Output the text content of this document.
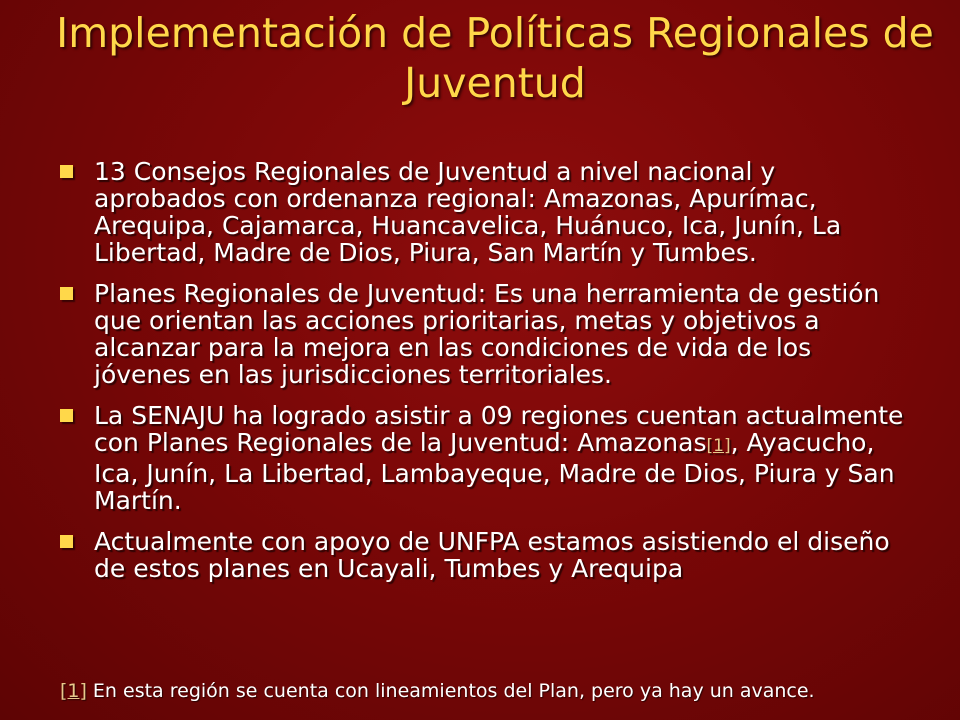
Implementación de Políticas Regionales de Juventud
13 Consejos Regionales de Juventud a nivel nacional y aprobados con ordenanza regional: Amazonas, Apurímac, Arequipa, Cajamarca, Huancavelica, Huánuco, Ica, Junín, La Libertad, Madre de Dios, Piura, San Martín y Tumbes.
Planes Regionales de Juventud: Es una herramienta de gestión que orientan las acciones prioritarias, metas y objetivos a alcanzar para la mejora en las condiciones de vida de los jóvenes en las jurisdicciones territoriales.
La SENAJU ha logrado asistir a 09 regiones cuentan actualmente con Planes Regionales de la Juventud: Amazonas[1], Ayacucho, Ica, Junín, La Libertad, Lambayeque, Madre de Dios, Piura y San Martín.
Actualmente con apoyo de UNFPA estamos asistiendo el diseño de estos planes en Ucayali, Tumbes y Arequipa
[1] En esta región se cuenta con lineamientos del Plan, pero ya hay un avance.
